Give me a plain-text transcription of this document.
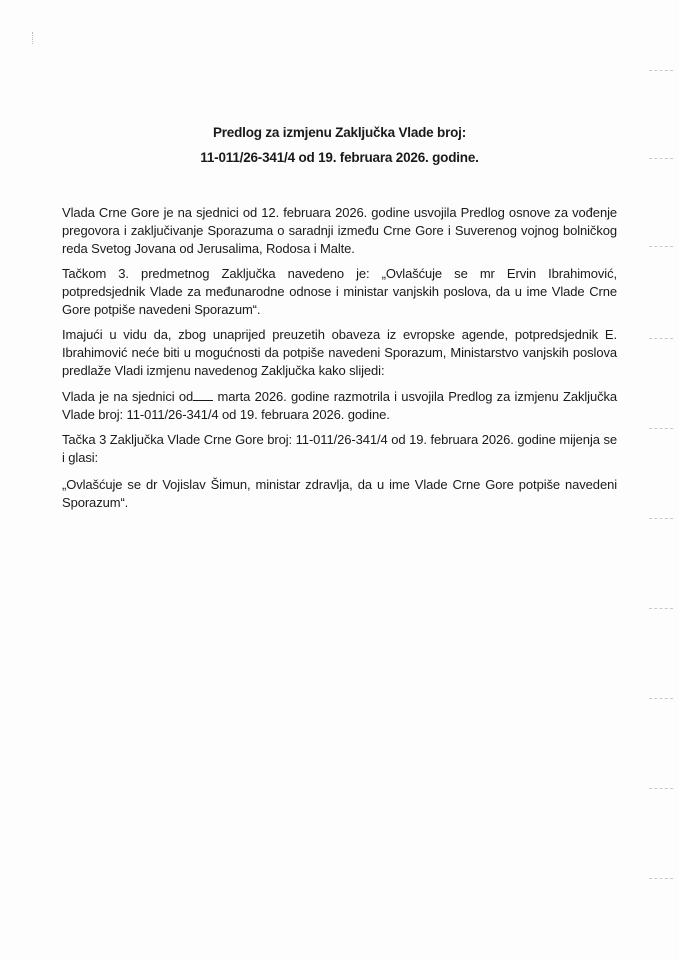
Predlog za izmjenu Zaključka Vlade broj:
11-011/26-341/4 od 19. februara 2026. godine.
Vlada Crne Gore je na sjednici od 12. februara 2026. godine usvojila Predlog osnove za vođenje pregovora i zaključivanje Sporazuma o saradnji između Crne Gore i Suverenog vojnog bolničkog reda Svetog Jovana od Jerusalima, Rodosa i Malte.
Tačkom 3. predmetnog Zaključka navedeno je: „Ovlašćuje se mr Ervin Ibrahimović, potpredsjednik Vlade za međunarodne odnose i ministar vanjskih poslova, da u ime Vlade Crne Gore potpiše navedeni Sporazum“.
Imajući u vidu da, zbog unaprijed preuzetih obaveza iz evropske agende, potpredsjednik E. Ibrahimović neće biti u mogućnosti da potpiše navedeni Sporazum, Ministarstvo vanjskih poslova predlaže Vladi izmjenu navedenog Zaključka kako slijedi:
Vlada je na sjednici od marta 2026. godine razmotrila i usvojila Predlog za izmjenu Zaključka Vlade broj: 11-011/26-341/4 od 19. februara 2026. godine.
Tačka 3 Zaključka Vlade Crne Gore broj: 11-011/26-341/4 od 19. februara 2026. godine mijenja se i glasi:
„Ovlašćuje se dr Vojislav Šimun, ministar zdravlja, da u ime Vlade Crne Gore potpiše navedeni Sporazum“.
